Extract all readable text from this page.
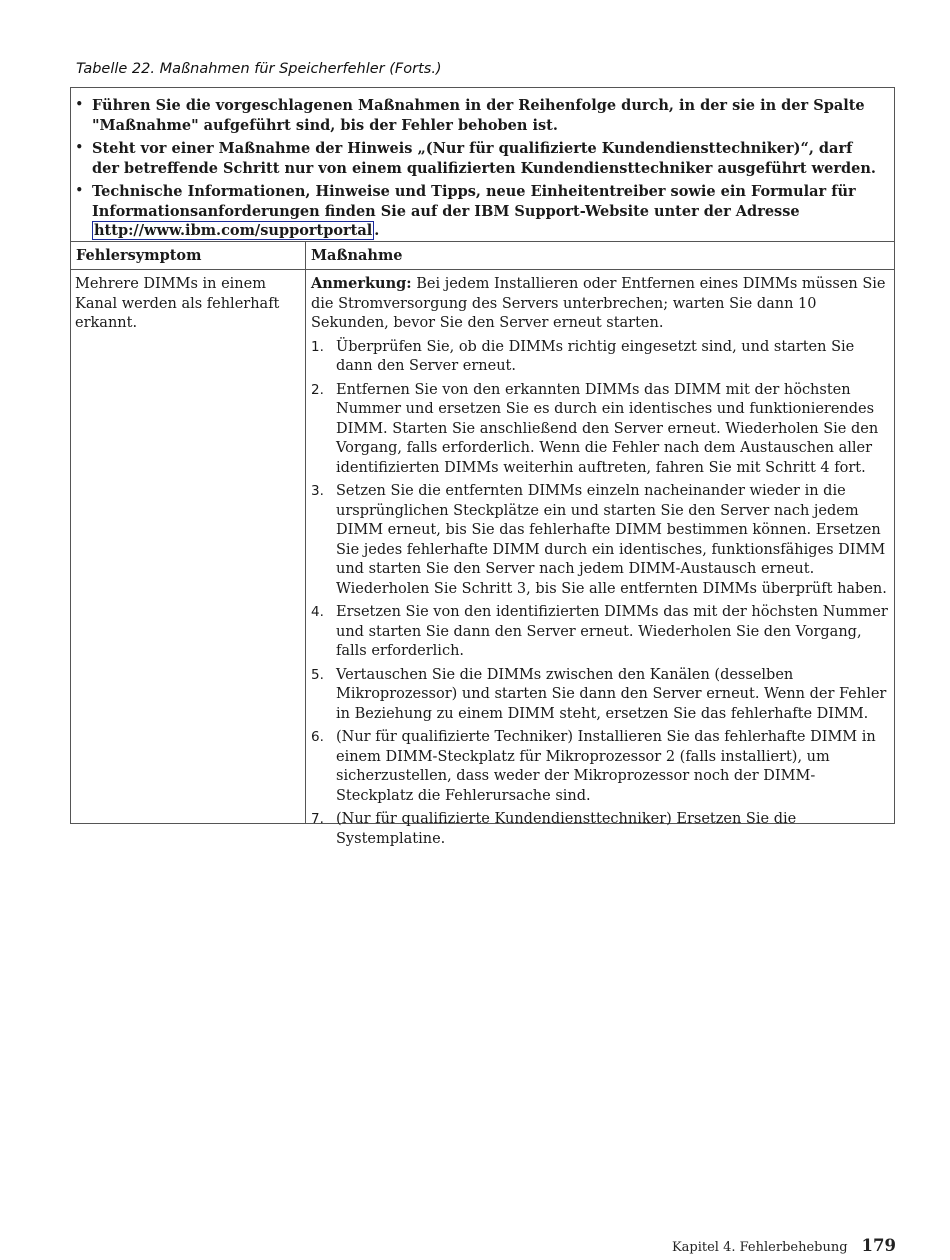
Tabelle 22. Maßnahmen für Speicherfehler (Forts.)
• Führen Sie die vorgeschlagenen Maßnahmen in der Reihenfolge durch, in der sie in der Spalte "Maßnahme" aufgeführt sind, bis der Fehler behoben ist.
• Steht vor einer Maßnahme der Hinweis „(Nur für qualifizierte Kundendiensttechniker)“, darf der betreffende Schritt nur von einem qualifizierten Kundendiensttechniker ausgeführt werden.
• Technische Informationen, Hinweise und Tipps, neue Einheitentreiber sowie ein Formular für Informationsanforderungen finden Sie auf der IBM Support-Website unter der Adresse http://www.ibm.com/supportportal .
Fehlersymptom	Maßnahme
Mehrere DIMMs in einem Kanal werden als fehlerhaft erkannt.
Anmerkung: Bei jedem Installieren oder Entfernen eines DIMMs müssen Sie die Stromversorgung des Servers unterbrechen; warten Sie dann 10 Sekunden, bevor Sie den Server erneut starten.
1. Überprüfen Sie, ob die DIMMs richtig eingesetzt sind, und starten Sie dann den Server erneut.
2. Entfernen Sie von den erkannten DIMMs das DIMM mit der höchsten Nummer und ersetzen Sie es durch ein identisches und funktionierendes DIMM. Starten Sie anschließend den Server erneut. Wiederholen Sie den Vorgang, falls erforderlich. Wenn die Fehler nach dem Austauschen aller identifizierten DIMMs weiterhin auftreten, fahren Sie mit Schritt 4 fort.
3. Setzen Sie die entfernten DIMMs einzeln nacheinander wieder in die ursprünglichen Steckplätze ein und starten Sie den Server nach jedem DIMM erneut, bis Sie das fehlerhafte DIMM bestimmen können. Ersetzen Sie jedes fehlerhafte DIMM durch ein identisches, funktionsfähiges DIMM und starten Sie den Server nach jedem DIMM-Austausch erneut. Wiederholen Sie Schritt 3, bis Sie alle entfernten DIMMs überprüft haben.
4. Ersetzen Sie von den identifizierten DIMMs das mit der höchsten Nummer und starten Sie dann den Server erneut. Wiederholen Sie den Vorgang, falls erforderlich.
5. Vertauschen Sie die DIMMs zwischen den Kanälen (desselben Mikroprozessor) und starten Sie dann den Server erneut. Wenn der Fehler in Beziehung zu einem DIMM steht, ersetzen Sie das fehlerhafte DIMM.
6. (Nur für qualifizierte Techniker) Installieren Sie das fehlerhafte DIMM in einem DIMM-Steckplatz für Mikroprozessor 2 (falls installiert), um sicherzustellen, dass weder der Mikroprozessor noch der DIMM-Steckplatz die Fehlerursache sind.
7. (Nur für qualifizierte Kundendiensttechniker) Ersetzen Sie die Systemplatine.
Kapitel 4. Fehlerbehebung 179
